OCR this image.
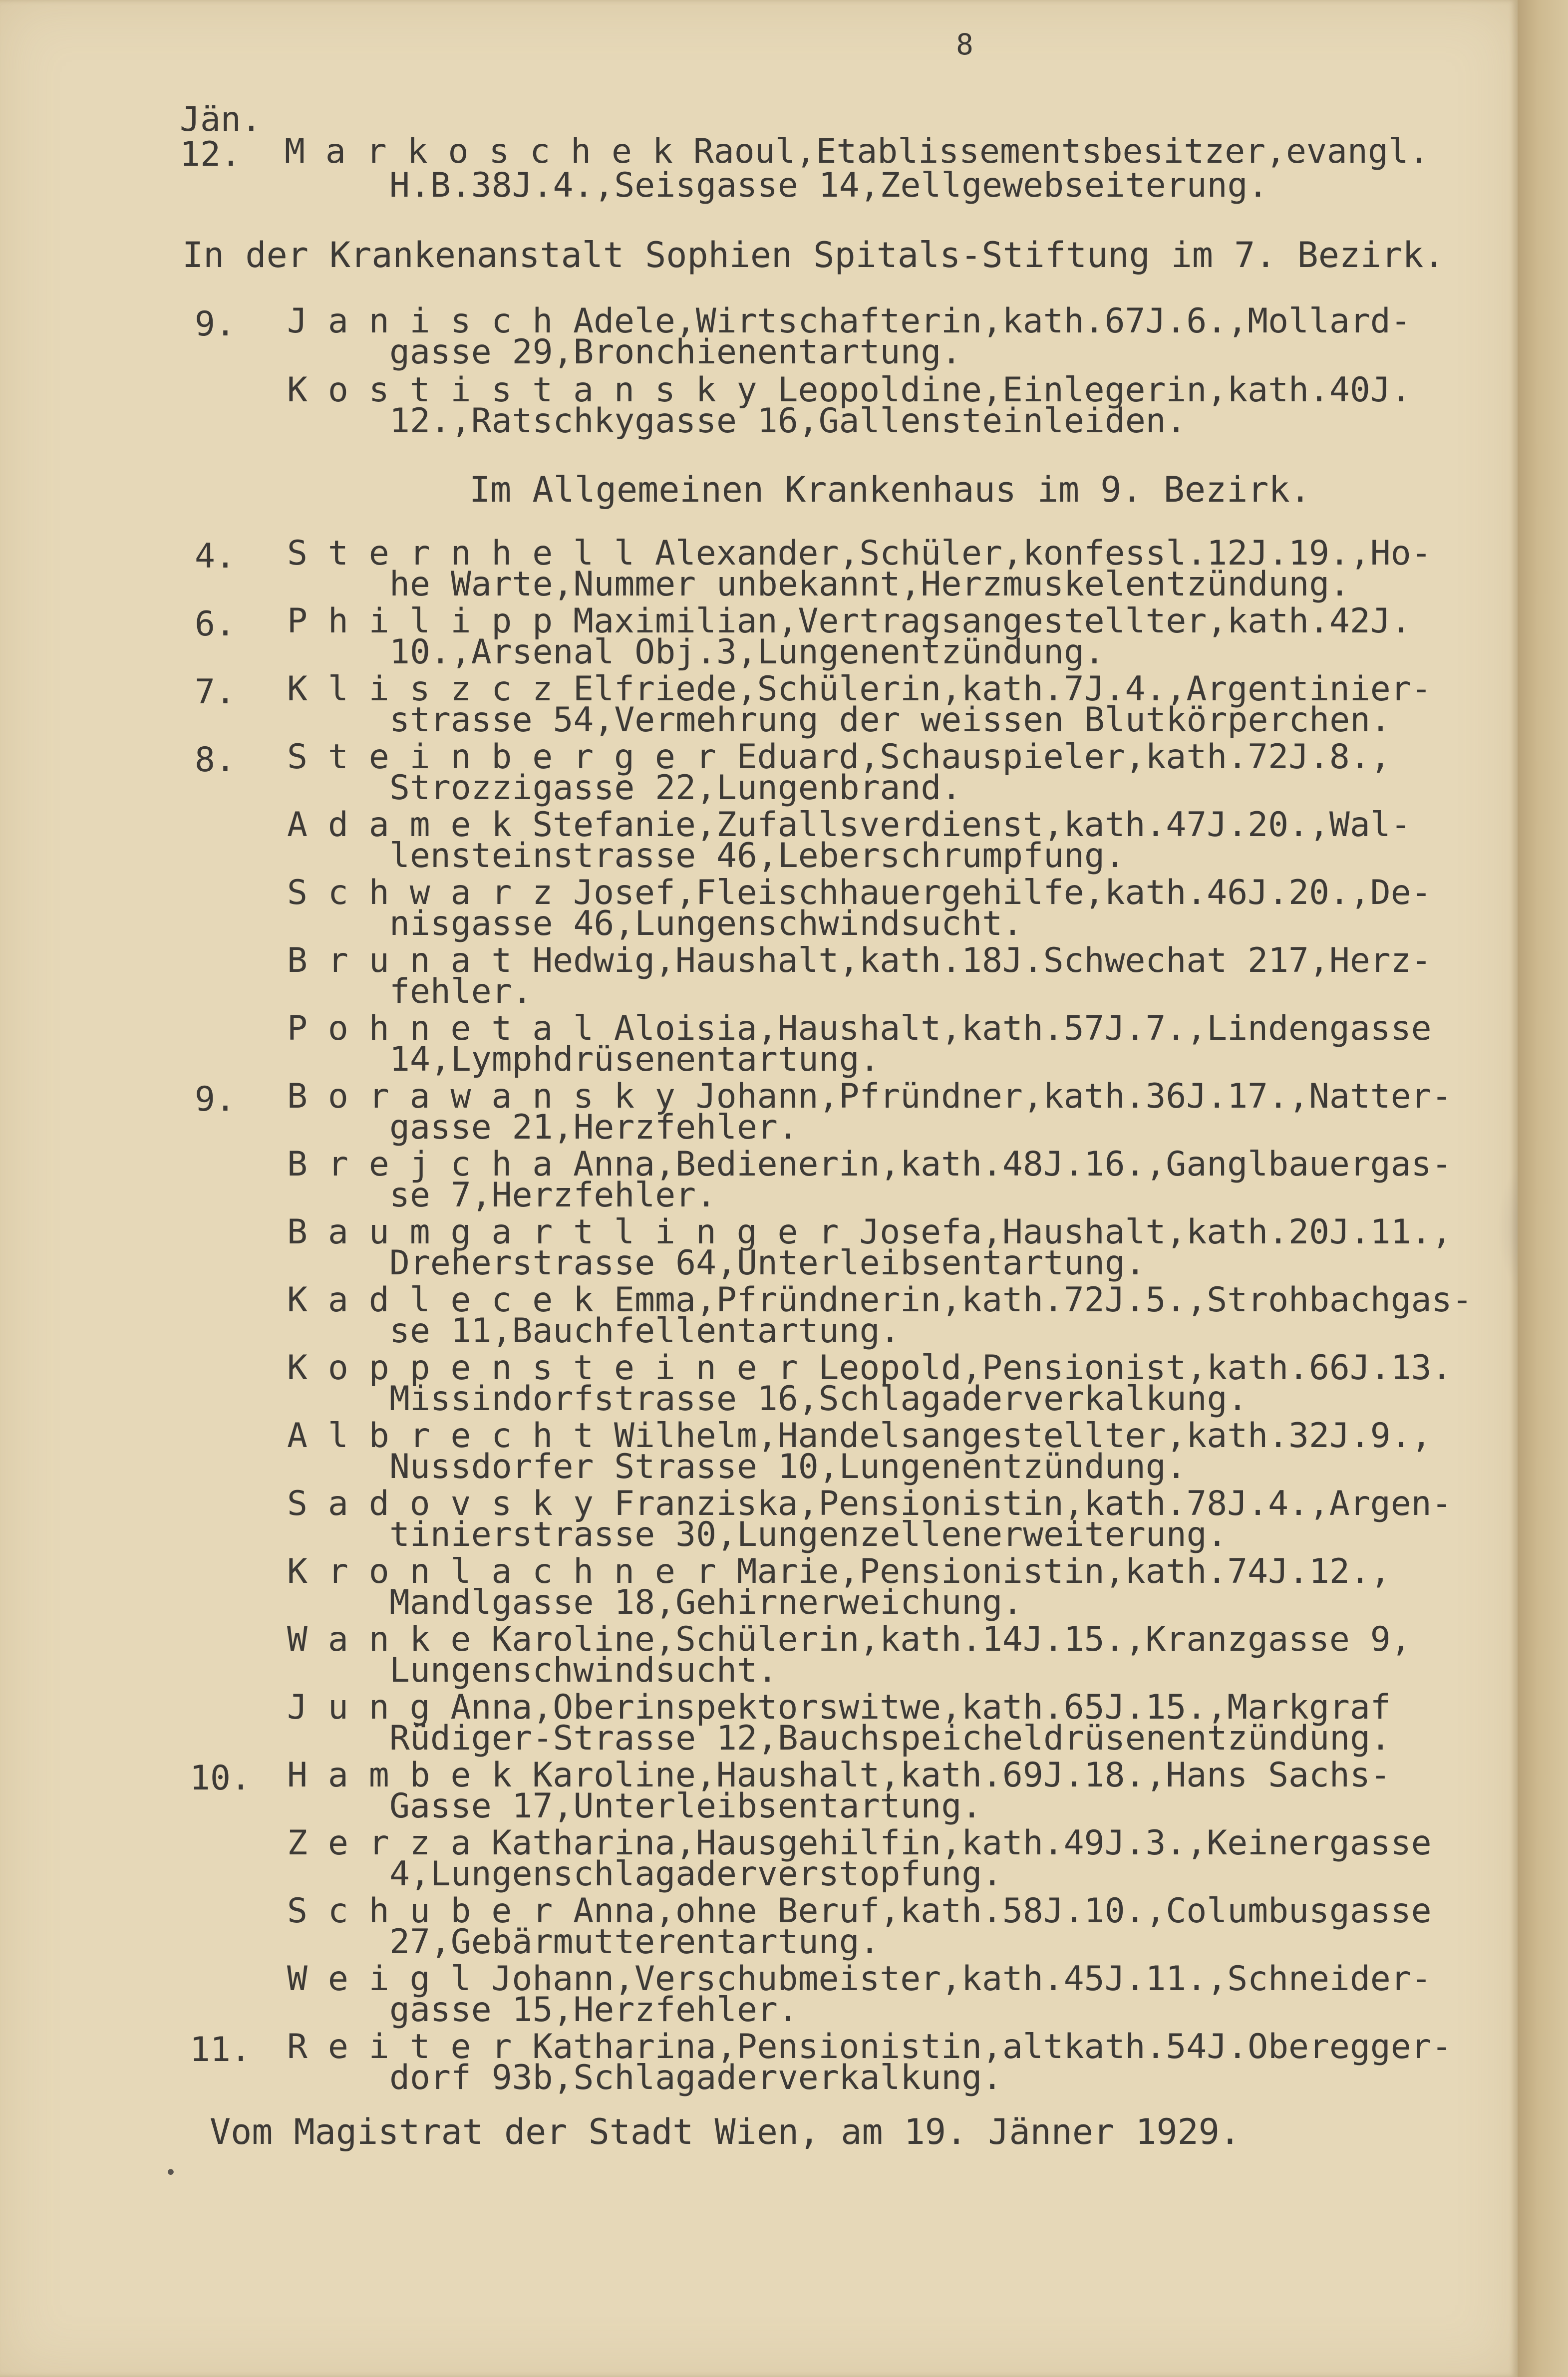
8
Jän.
12. M a r k o s c h e k Raoul,Etablissementsbesitzer,evangl.
H.B.38J.4.,Seisgasse 14,Zellgewebseiterung.
In der Krankenanstalt Sophien Spitals-Stiftung im 7. Bezirk.
9. J a n i s c h Adele,Wirtschafterin,kath.67J.6.,Mollard-
gasse 29,Bronchienentartung.
K o s t i s t a n s k y Leopoldine,Einlegerin,kath.40J.
12.,Ratschkygasse 16,Gallensteinleiden.
Im Allgemeinen Krankenhaus im 9. Bezirk.
4. S t e r n h e l l Alexander,Schüler,konfessl.12J.19.,Ho-
he Warte,Nummer unbekannt,Herzmuskelentzündung.
6. P h i l i p p Maximilian,Vertragsangestellter,kath.42J.
10.,Arsenal Obj.3,Lungenentzündung.
7. K l i s z c z Elfriede,Schülerin,kath.7J.4.,Argentinier-
strasse 54,Vermehrung der weissen Blutkörperchen.
8. S t e i n b e r g e r Eduard,Schauspieler,kath.72J.8.,
Strozzigasse 22,Lungenbrand.
A d a m e k Stefanie,Zufallsverdienst,kath.47J.20.,Wal-
lensteinstrasse 46,Leberschrumpfung.
S c h w a r z Josef,Fleischhauergehilfe,kath.46J.20.,De-
nisgasse 46,Lungenschwindsucht.
B r u n a t Hedwig,Haushalt,kath.18J.Schwechat 217,Herz-
fehler.
P o h n e t a l Aloisia,Haushalt,kath.57J.7.,Lindengasse
14,Lymphdrüsenentartung.
9. B o r a w a n s k y Johann,Pfründner,kath.36J.17.,Natter-
gasse 21,Herzfehler.
B r e j c h a Anna,Bedienerin,kath.48J.16.,Ganglbauergas-
se 7,Herzfehler.
B a u m g a r t l i n g e r Josefa,Haushalt,kath.20J.11.,
Dreherstrasse 64,Unterleibsentartung.
K a d l e c e k Emma,Pfründnerin,kath.72J.5.,Strohbachgas-
se 11,Bauchfellentartung.
K o p p e n s t e i n e r Leopold,Pensionist,kath.66J.13.
Missindorfstrasse 16,Schlagaderverkalkung.
A l b r e c h t Wilhelm,Handelsangestellter,kath.32J.9.,
Nussdorfer Strasse 10,Lungenentzündung.
S a d o v s k y Franziska,Pensionistin,kath.78J.4.,Argen-
tinierstrasse 30,Lungenzellenerweiterung.
K r o n l a c h n e r Marie,Pensionistin,kath.74J.12.,
Mandlgasse 18,Gehirnerweichung.
W a n k e Karoline,Schülerin,kath.14J.15.,Kranzgasse 9,
Lungenschwindsucht.
J u n g Anna,Oberinspektorswitwe,kath.65J.15.,Markgraf
Rüdiger-Strasse 12,Bauchspeicheldrüsenentzündung.
10. H a m b e k Karoline,Haushalt,kath.69J.18.,Hans Sachs-
Gasse 17,Unterleibsentartung.
Z e r z a Katharina,Hausgehilfin,kath.49J.3.,Keinergasse
4,Lungenschlagaderverstopfung.
S c h u b e r Anna,ohne Beruf,kath.58J.10.,Columbusgasse
27,Gebärmutterentartung.
W e i g l Johann,Verschubmeister,kath.45J.11.,Schneider-
gasse 15,Herzfehler.
11. R e i t e r Katharina,Pensionistin,altkath.54J.Oberegger-
dorf 93b,Schlagaderverkalkung.
Vom Magistrat der Stadt Wien, am 19. Jänner 1929.
•
